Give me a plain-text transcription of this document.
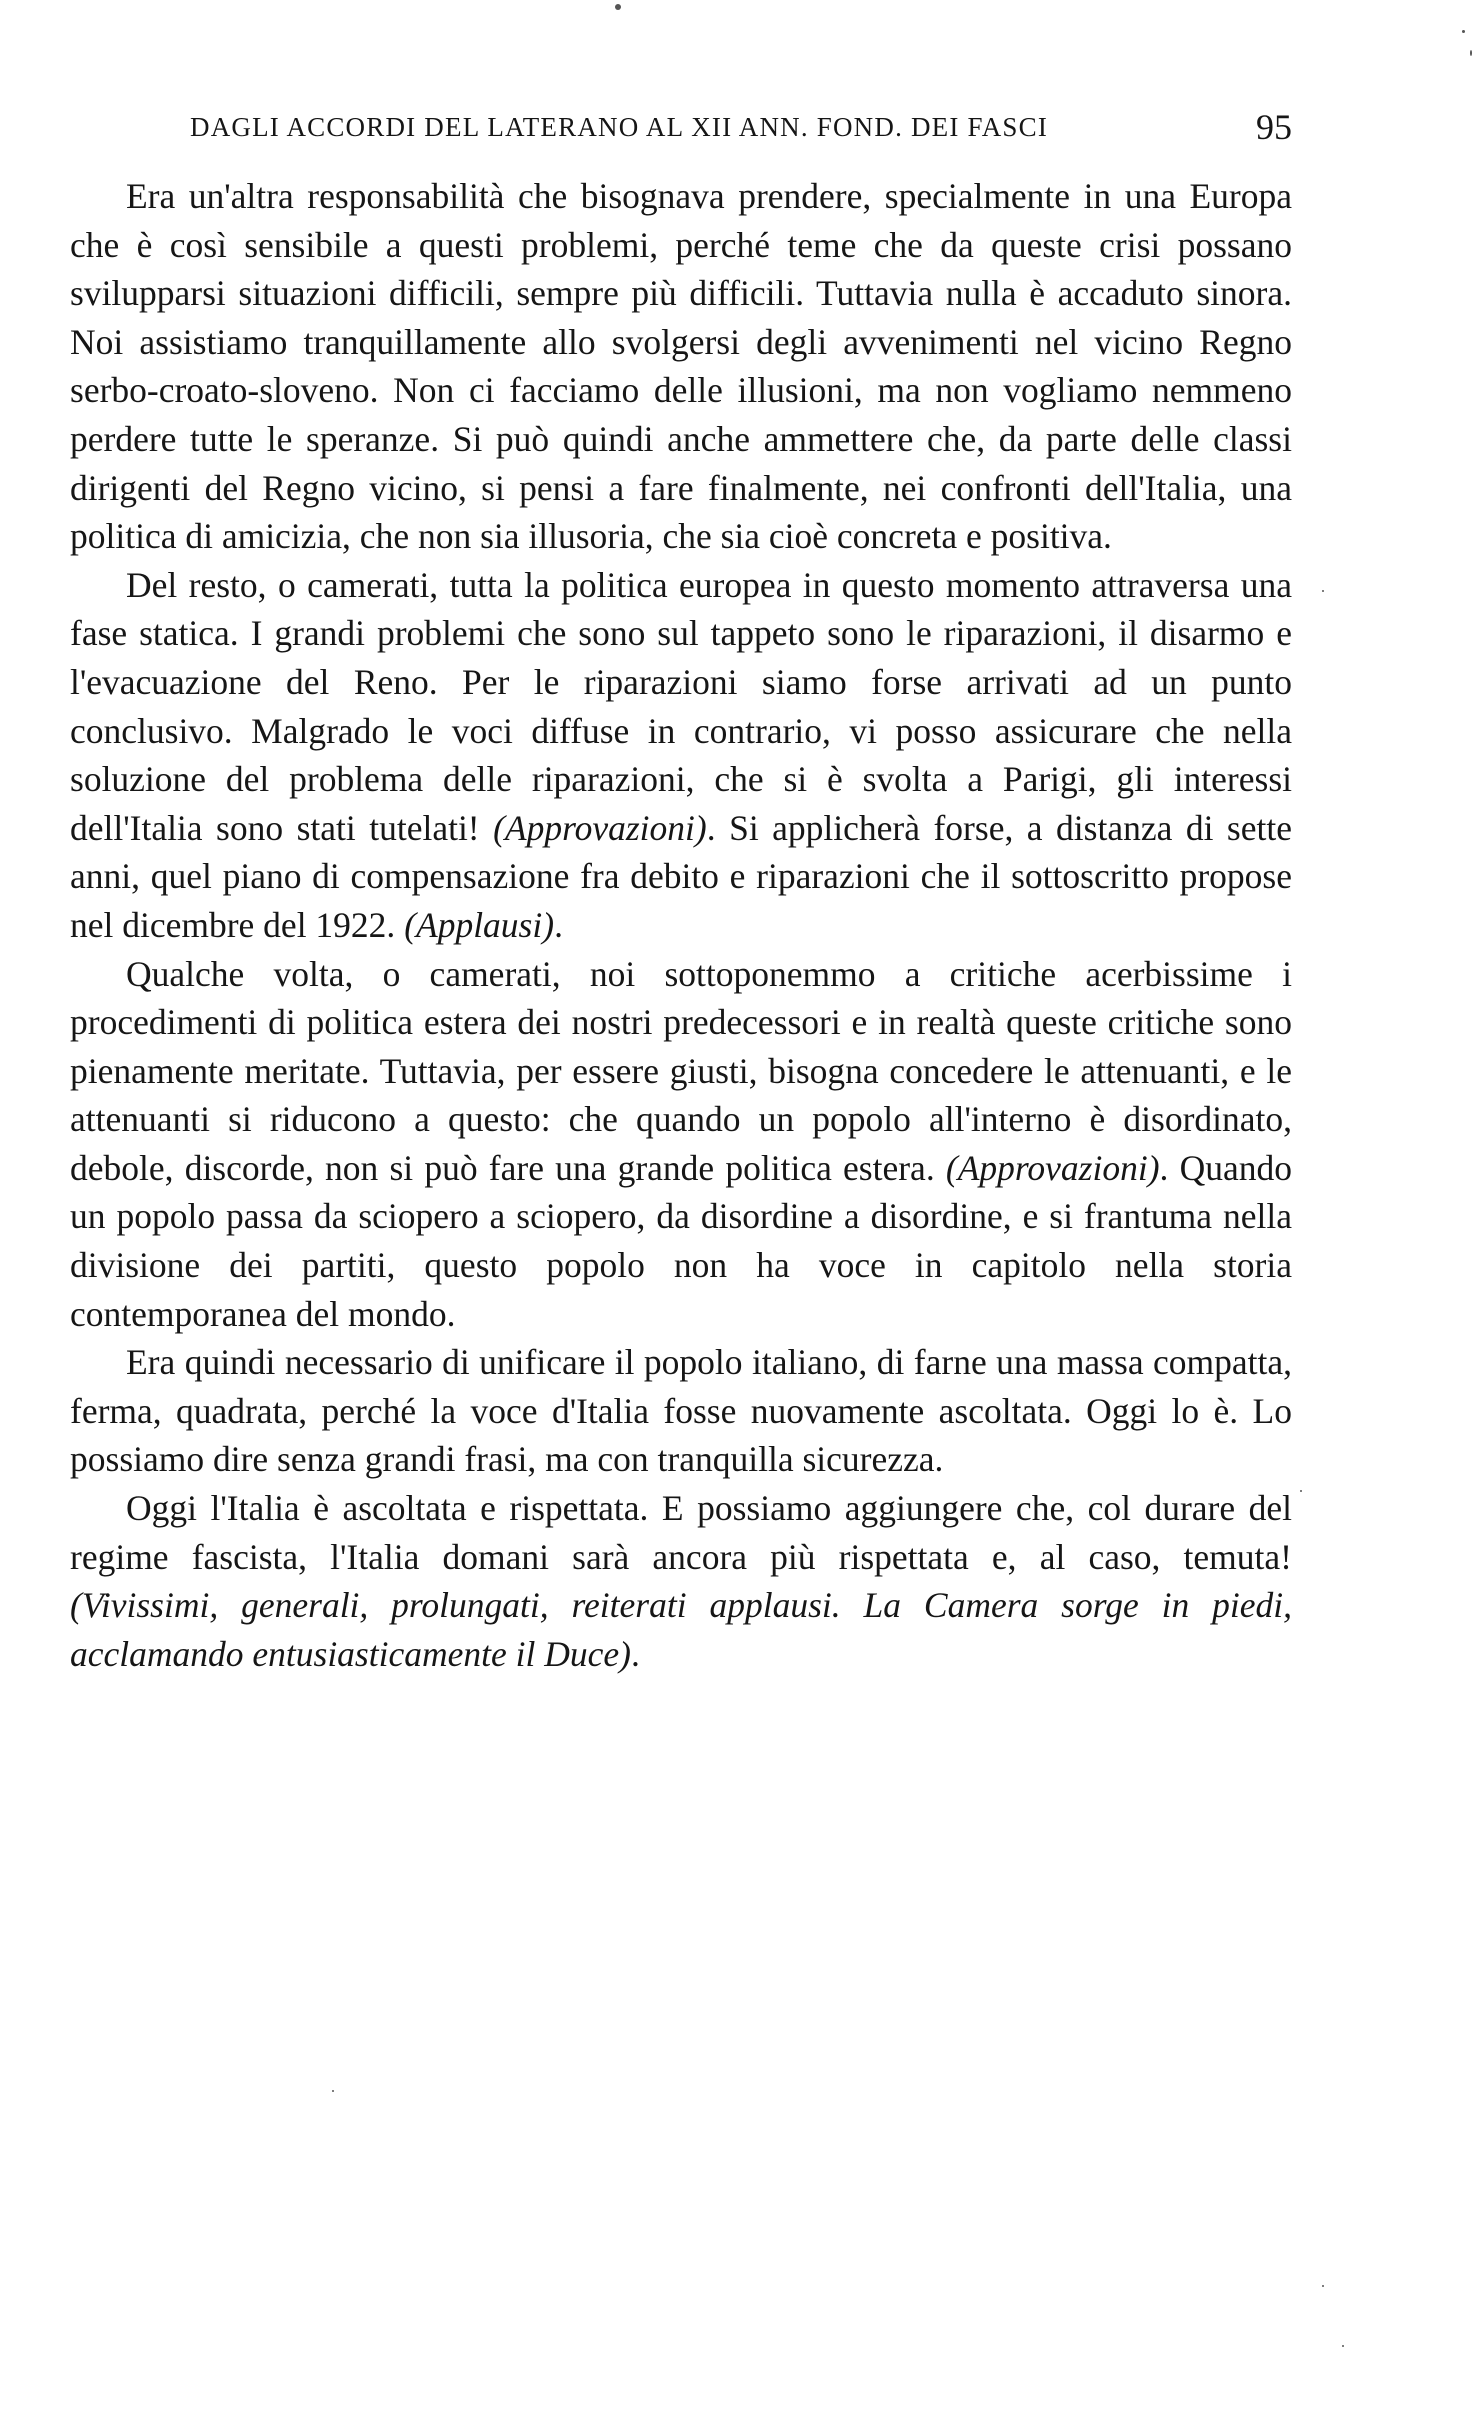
DAGLI ACCORDI DEL LATERANO AL XII ANN. FOND. DEI FASCI	95

Era un'altra responsabilità che bisognava prendere, specialmente in una Europa che è così sensibile a questi problemi, perché teme che da queste crisi possano svilupparsi situazioni difficili, sempre più difficili. Tuttavia nulla è accaduto sinora. Noi assistiamo tranquillamente allo svolgersi degli avvenimenti nel vicino Regno serbo-croato-sloveno. Non ci facciamo delle illusioni, ma non vogliamo nemmeno perdere tutte le speranze. Si può quindi anche ammettere che, da parte delle classi dirigenti del Regno vicino, si pensi a fare finalmente, nei confronti dell'Italia, una politica di amicizia, che non sia illusoria, che sia cioè concreta e positiva.

Del resto, o camerati, tutta la politica europea in questo momento attraversa una fase statica. I grandi problemi che sono sul tappeto sono le riparazioni, il disarmo e l'evacuazione del Reno. Per le riparazioni siamo forse arrivati ad un punto conclusivo. Malgrado le voci diffuse in contrario, vi posso assicurare che nella soluzione del problema delle riparazioni, che si è svolta a Parigi, gli interessi dell'Italia sono stati tutelati! (Approvazioni). Si applicherà forse, a distanza di sette anni, quel piano di compensazione fra debito e riparazioni che il sottoscritto propose nel dicembre del 1922. (Applausi).

Qualche volta, o camerati, noi sottoponemmo a critiche acerbissime i procedimenti di politica estera dei nostri predecessori e in realtà queste critiche sono pienamente meritate. Tuttavia, per essere giusti, bisogna concedere le attenuanti, e le attenuanti si riducono a questo: che quando un popolo all'interno è disordinato, debole, discorde, non si può fare una grande politica estera. (Approvazioni). Quando un popolo passa da sciopero a sciopero, da disordine a disordine, e si frantuma nella divisione dei partiti, questo popolo non ha voce in capitolo nella storia contemporanea del mondo.

Era quindi necessario di unificare il popolo italiano, di farne una massa compatta, ferma, quadrata, perché la voce d'Italia fosse nuovamente ascoltata. Oggi lo è. Lo possiamo dire senza grandi frasi, ma con tranquilla sicurezza.

Oggi l'Italia è ascoltata e rispettata. E possiamo aggiungere che, col durare del regime fascista, l'Italia domani sarà ancora più rispettata e, al caso, temuta! (Vivissimi, generali, prolungati, reiterati applausi. La Camera sorge in piedi, acclamando entusiasticamente il Duce).
